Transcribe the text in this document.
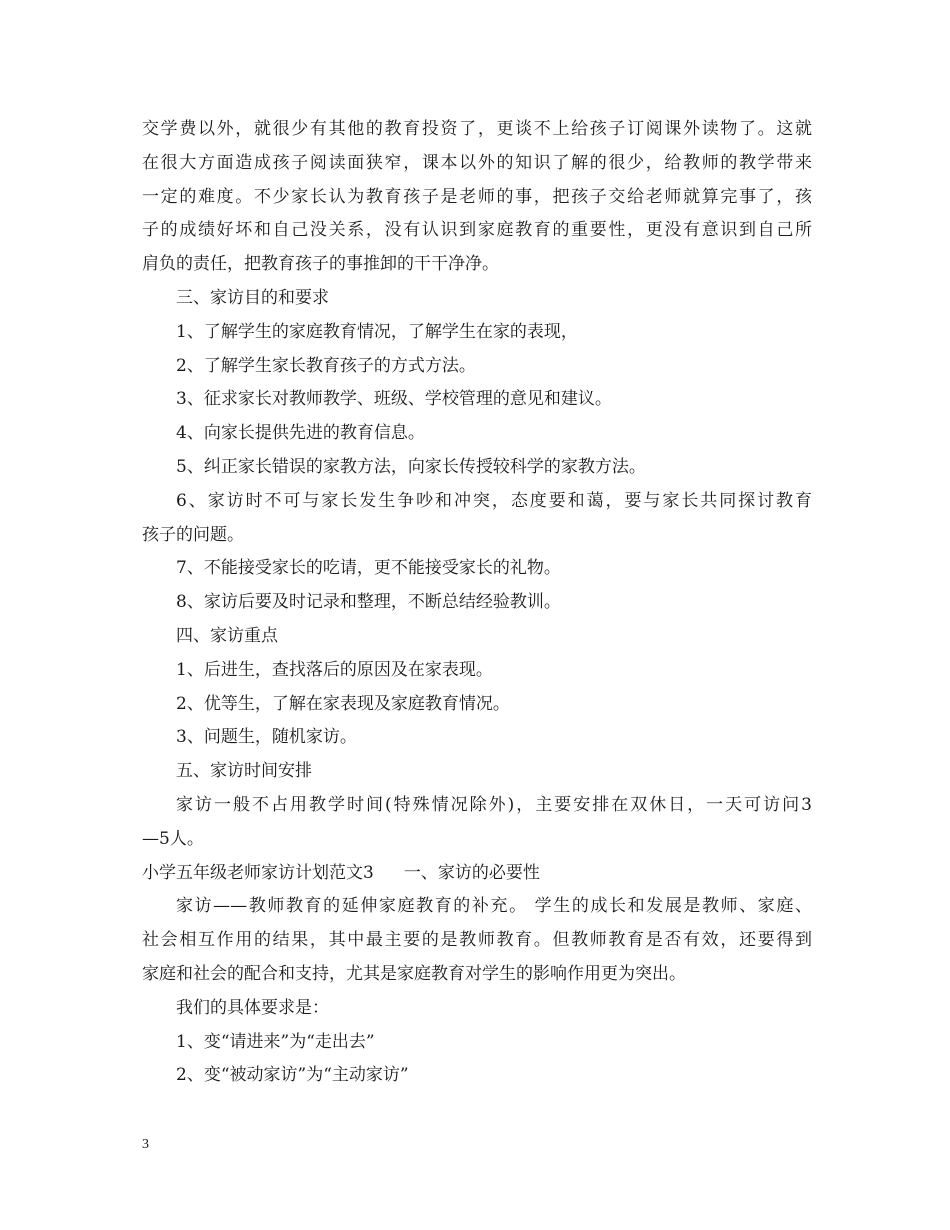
交学费以外，就很少有其他的教育投资了，更谈不上给孩子订阅课外读物了。这就
在很大方面造成孩子阅读面狭窄，课本以外的知识了解的很少，给教师的教学带来
一定的难度。不少家长认为教育孩子是老师的事，把孩子交给老师就算完事了，孩
子的成绩好坏和自己没关系，没有认识到家庭教育的重要性，更没有意识到自己所
肩负的责任，把教育孩子的事推卸的干干净净。
三、家访目的和要求
1、了解学生的家庭教育情况，了解学生在家的表现，
2、了解学生家长教育孩子的方式方法。
3、征求家长对教师教学、班级、学校管理的意见和建议。
4、向家长提供先进的教育信息。
5、纠正家长错误的家教方法，向家长传授较科学的家教方法。
6、家访时不可与家长发生争吵和冲突，态度要和蔼，要与家长共同探讨教育
孩子的问题。
7、不能接受家长的吃请，更不能接受家长的礼物。
8、家访后要及时记录和整理，不断总结经验教训。
四、家访重点
1、后进生，查找落后的原因及在家表现。
2、优等生，了解在家表现及家庭教育情况。
3、问题生，随机家访。
五、家访时间安排
家访一般不占用教学时间(特殊情况除外)，主要安排在双休日，一天可访问3
—5人。
小学五年级老师家访计划范文3 一、家访的必要性
家访——教师教育的延伸家庭教育的补充。 学生的成长和发展是教师、家庭、
社会相互作用的结果，其中最主要的是教师教育。但教师教育是否有效，还要得到
家庭和社会的配合和支持，尤其是家庭教育对学生的影响作用更为突出。
我们的具体要求是：
1、变“请进来”为“走出去”
2、变“被动家访”为“主动家访”
3
